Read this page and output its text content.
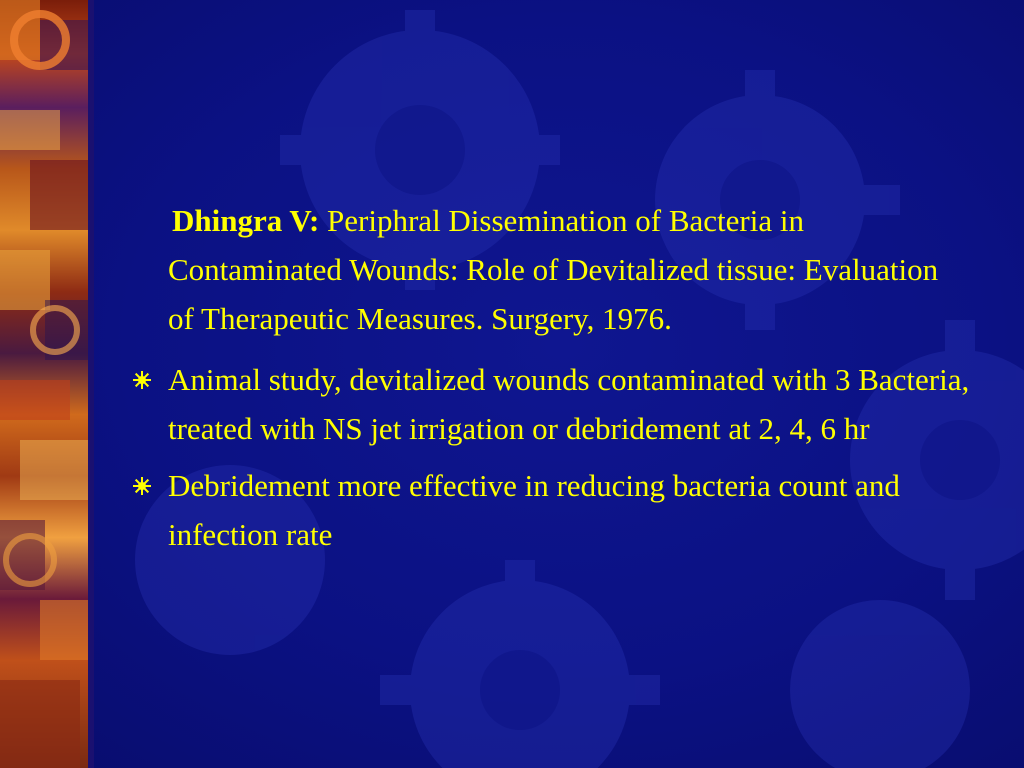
Dhingra V: Periphral Dissemination of Bacteria in Contaminated Wounds: Role of Devitalized tissue: Evaluation of Therapeutic Measures. Surgery, 1976.
Animal study, devitalized wounds contaminated with 3 Bacteria, treated with NS jet irrigation or debridement at 2, 4, 6 hr
Debridement more effective in reducing bacteria count and infection rate
